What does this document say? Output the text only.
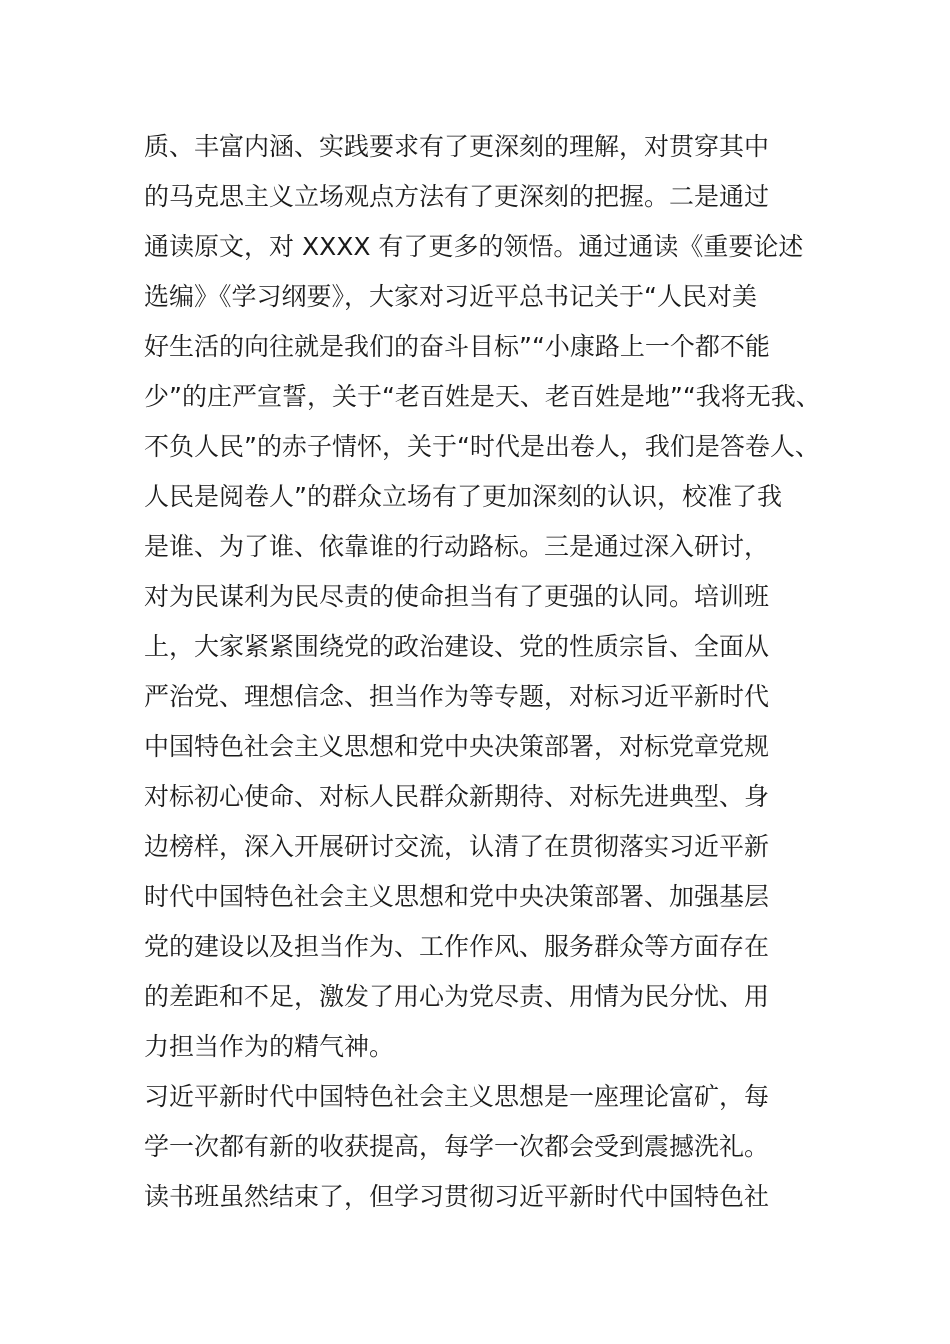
质、丰富内涵、实践要求有了更深刻的理解，对贯穿其中
的马克思主义立场观点方法有了更深刻的把握。二是通过
通读原文，对 XXXX 有了更多的领悟。通过通读《重要论述
选编》《学习纲要》，大家对习近平总书记关于“人民对美
好生活的向往就是我们的奋斗目标”“小康路上一个都不能
少”的庄严宣誓，关于“老百姓是天、老百姓是地”“我将无我、
不负人民”的赤子情怀，关于“时代是出卷人，我们是答卷人、
人民是阅卷人”的群众立场有了更加深刻的认识，校准了我
是谁、为了谁、依靠谁的行动路标。三是通过深入研讨，
对为民谋利为民尽责的使命担当有了更强的认同。培训班
上，大家紧紧围绕党的政治建设、党的性质宗旨、全面从
严治党、理想信念、担当作为等专题，对标习近平新时代
中国特色社会主义思想和党中央决策部署，对标党章党规
对标初心使命、对标人民群众新期待、对标先进典型、身
边榜样，深入开展研讨交流，认清了在贯彻落实习近平新
时代中国特色社会主义思想和党中央决策部署、加强基层
党的建设以及担当作为、工作作风、服务群众等方面存在
的差距和不足，激发了用心为党尽责、用情为民分忧、用
力担当作为的精气神。
习近平新时代中国特色社会主义思想是一座理论富矿，每
学一次都有新的收获提高，每学一次都会受到震撼洗礼。
读书班虽然结束了，但学习贯彻习近平新时代中国特色社
